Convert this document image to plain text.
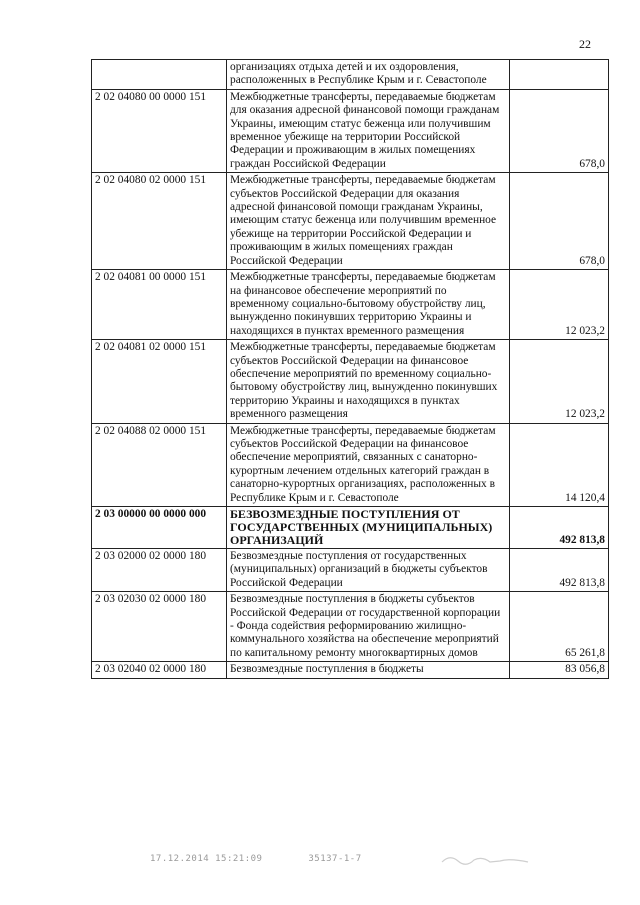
22
	организациях отдыха детей и их оздоровления, расположенных в Республике Крым и г. Севастополе	
2 02 04080 00 0000 151	Межбюджетные трансферты, передаваемые бюджетам для оказания адресной финансовой помощи гражданам Украины, имеющим статус беженца или получившим временное убежище на территории Российской Федерации и проживающим в жилых помещениях граждан Российской Федерации	678,0
2 02 04080 02 0000 151	Межбюджетные трансферты, передаваемые бюджетам субъектов Российской Федерации для оказания адресной финансовой помощи гражданам Украины, имеющим статус беженца или получившим временное убежище на территории Российской Федерации и проживающим в жилых помещениях граждан Российской Федерации	678,0
2 02 04081 00 0000 151	Межбюджетные трансферты, передаваемые бюджетам на финансовое обеспечение мероприятий по временному социально-бытовому обустройству лиц, вынужденно покинувших территорию Украины и находящихся в пунктах временного размещения	12 023,2
2 02 04081 02 0000 151	Межбюджетные трансферты, передаваемые бюджетам субъектов Российской Федерации на финансовое обеспечение мероприятий по временному социально-бытовому обустройству лиц, вынужденно покинувших территорию Украины и находящихся в пунктах временного размещения	12 023,2
2 02 04088 02 0000 151	Межбюджетные трансферты, передаваемые бюджетам субъектов Российской Федерации на финансовое обеспечение мероприятий, связанных с санаторно-курортным лечением отдельных категорий граждан в санаторно-курортных организациях, расположенных в Республике Крым и г. Севастополе	14 120,4
2 03 00000 00 0000 000	БЕЗВОЗМЕЗДНЫЕ ПОСТУПЛЕНИЯ ОТ ГОСУДАРСТВЕННЫХ (МУНИЦИПАЛЬНЫХ) ОРГАНИЗАЦИЙ	492 813,8
2 03 02000 02 0000 180	Безвозмездные поступления от государственных (муниципальных) организаций в бюджеты субъектов Российской Федерации	492 813,8
2 03 02030 02 0000 180	Безвозмездные поступления в бюджеты субъектов Российской Федерации от государственной корпорации - Фонда содействия реформированию жилищно-коммунального хозяйства на обеспечение мероприятий по капитальному ремонту многоквартирных домов	65 261,8
2 03 02040 02 0000 180	Безвозмездные поступления в бюджеты	83 056,8
17.12.2014 15:21:09	35137-1-7
